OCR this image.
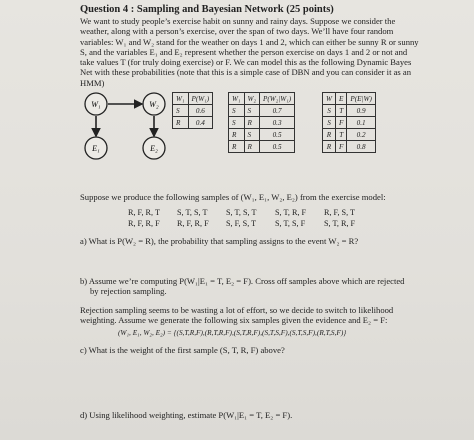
Question 4 : Sampling and Bayesian Network (25 points)
We want to study people’s exercise habit on sunny and rainy days. Suppose we consider the
weather, along with a person’s exercise, over the span of two days. We’ll have four random
variables: W₁ and W₂ stand for the weather on days 1 and 2, which can either be sunny R or sunny
S, and the variables E₁ and E₂ represent whether the person exercise on days 1 and 2 or not and
take values T (for truly doing exercise) or F. We can model this as the following Dynamic Bayes
Net with these probabilities (note that this is a simple case of DBN and you can consider it as an
HMM)
W₁	W₂
E₁	E₂
W₁	P(W₁)
S	0.6
R	0.4
W₁	W₂	P(W₂|W₁)
S	S	0.7
S	R	0.3
R	S	0.5
R	R	0.5
W	E	P(E|W)
S	T	0.9
S	F	0.1
R	T	0.2
R	F	0.8
Suppose we produce the following samples of (W₁, E₁, W₂, E₂) from the exercise model:
R, F, R, T	S, T, S, T	S, T, S, T	S, T, R, F	R, F, S, T
R, F, R, F	R, F, R, F	S, F, S, T	S, T, S, F	S, T, R, F
a) What is P(W₂ = R), the probability that sampling assigns to the event W₂ = R?
b) Assume we’re computing P(W₁|E₁ = T, E₂ = F). Cross off samples above which are rejected
by rejection sampling.
Rejection sampling seems to be wasting a lot of effort, so we decide to switch to likelihood
weighting. Assume we generate the following six samples given the evidence and E₂ = F:
(W₁, E₁, W₂, E₂) = {(S,T,R,F),(R,T,R,F),(S,T,R,F),(S,T,S,F),(S,T,S,F),(R,T,S,F)}
c) What is the weight of the first sample (S, T, R, F) above?
d) Using likelihood weighting, estimate P(W₁|E₁ = T, E₂ = F).
